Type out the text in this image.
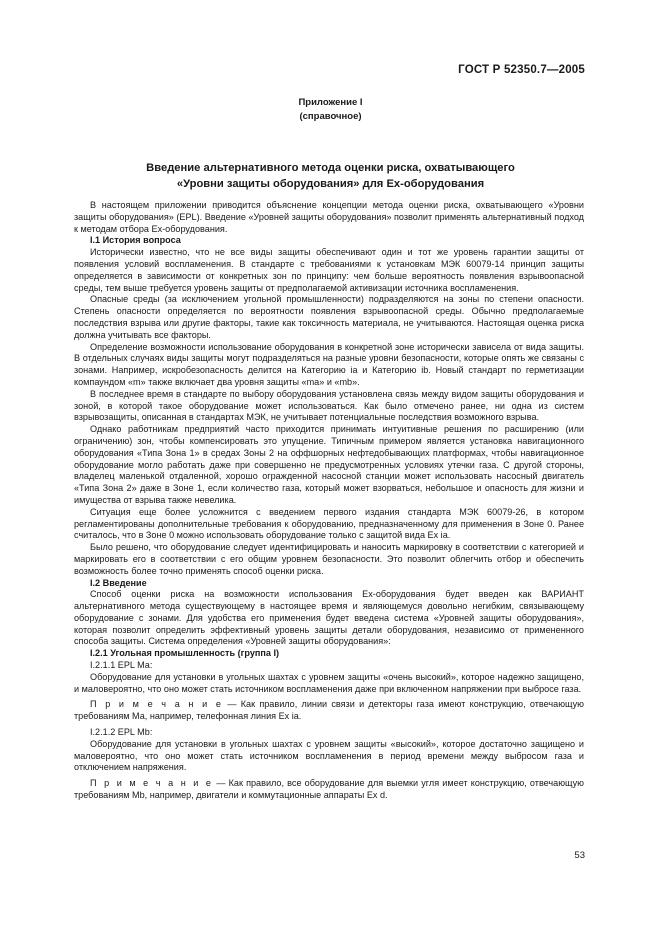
ГОСТ Р 52350.7—2005
Приложение I
(справочное)
Введение альтернативного метода оценки риска, охватывающего
«Уровни защиты оборудования» для Ех-оборудования

В настоящем приложении приводится объяснение концепции метода оценки риска, охватывающего «Уровни защиты оборудования» (EPL). Введение «Уровней защиты оборудования» позволит применять альтернативный подход к методам отбора Ех-оборудования.

I.1 История вопроса

Исторически известно, что не все виды защиты обеспечивают один и тот же уровень гарантии защиты от появления условий воспламенения. В стандарте с требованиями к установкам МЭК 60079-14 принцип защиты определяется в зависимости от конкретных зон по принципу: чем больше вероятность появления взрывоопасной среды, тем выше требуется уровень защиты от предполагаемой активизации источника воспламенения.

Опасные среды (за исключением угольной промышленности) подразделяются на зоны по степени опасности. Степень опасности определяется по вероятности появления взрывоопасной среды. Обычно предполагаемые последствия взрыва или другие факторы, такие как токсичность материала, не учитываются. Настоящая оценка риска должна учитывать все факторы.

Определение возможности использование оборудования в конкретной зоне исторически зависела от вида защиты. В отдельных случаях виды защиты могут подразделяться на разные уровни безопасности, которые опять же связаны с зонами. Например, искробезопасность делится на Категорию ia и Категорию ib. Новый стандарт по герметизации компаундом «m» также включает два уровня защиты «ma» и «mb».

В последнее время в стандарте по выбору оборудования установлена связь между видом защиты оборудования и зоной, в которой такое оборудование может использоваться. Как было отмечено ранее, ни одна из систем взрывозащиты, описанная в стандартах МЭК, не учитывает потенциальные последствия возможного взрыва.

Однако работникам предприятий часто приходится принимать интуитивные решения по расширению (или ограничению) зон, чтобы компенсировать это упущение. Типичным примером является установка навигационного оборудования «Типа Зона 1» в средах Зоны 2 на оффшорных нефтедобывающих платформах, чтобы навигационное оборудование могло работать даже при совершенно не предусмотренных условиях утечки газа. С другой стороны, владелец маленькой отдаленной, хорошо огражденной насосной станции может использовать насосный двигатель «Типа Зона 2» даже в Зоне 1, если количество газа, который может взорваться, небольшое и опасность для жизни и имущества от взрыва также невелика.

Ситуация еще более усложнится с введением первого издания стандарта МЭК 60079-26, в котором регламентированы дополнительные требования к оборудованию, предназначенному для применения в Зоне 0. Ранее считалось, что в Зоне 0 можно использовать оборудование только с защитой вида Ех ia.

Было решено, что оборудование следует идентифицировать и наносить маркировку в соответствии с категорией и маркировать его в соответствии с его общим уровнем безопасности. Это позволит облегчить отбор и обеспечить возможность более точно применять способ оценки риска.

I.2 Введение

Способ оценки риска на возможности использования Ех-оборудования будет введен как ВАРИАНТ альтернативного метода существующему в настоящее время и являющемуся довольно негибким, связывающему оборудование с зонами. Для удобства его применения будет введена система «Уровней защиты оборудования», которая позволит определить эффективный уровень защиты детали оборудования, независимо от примененного способа защиты. Система определения «Уровней защиты оборудования»:

I.2.1 Угольная промышленность (группа I)

I.2.1.1 EPL Ma:

Оборудование для установки в угольных шахтах с уровнем защиты «очень высокий», которое надежно защищено, и маловероятно, что оно может стать источником воспламенения даже при включенном напряжении при выбросе газа.

П р и м е ч а н и е — Как правило, линии связи и детекторы газа имеют конструкцию, отвечающую требованиям Ма, например, телефонная линия Ех ia.

I.2.1.2 EPL Mb:

Оборудование для установки в угольных шахтах с уровнем защиты «высокий», которое достаточно защищено и маловероятно, что оно может стать источником воспламенения в период времени между выбросом газа и отключением напряжения.

П р и м е ч а н и е — Как правило, все оборудование для выемки угля имеет конструкцию, отвечающую требованиям Mb, например, двигатели и коммутационные аппараты Ех d.

53
